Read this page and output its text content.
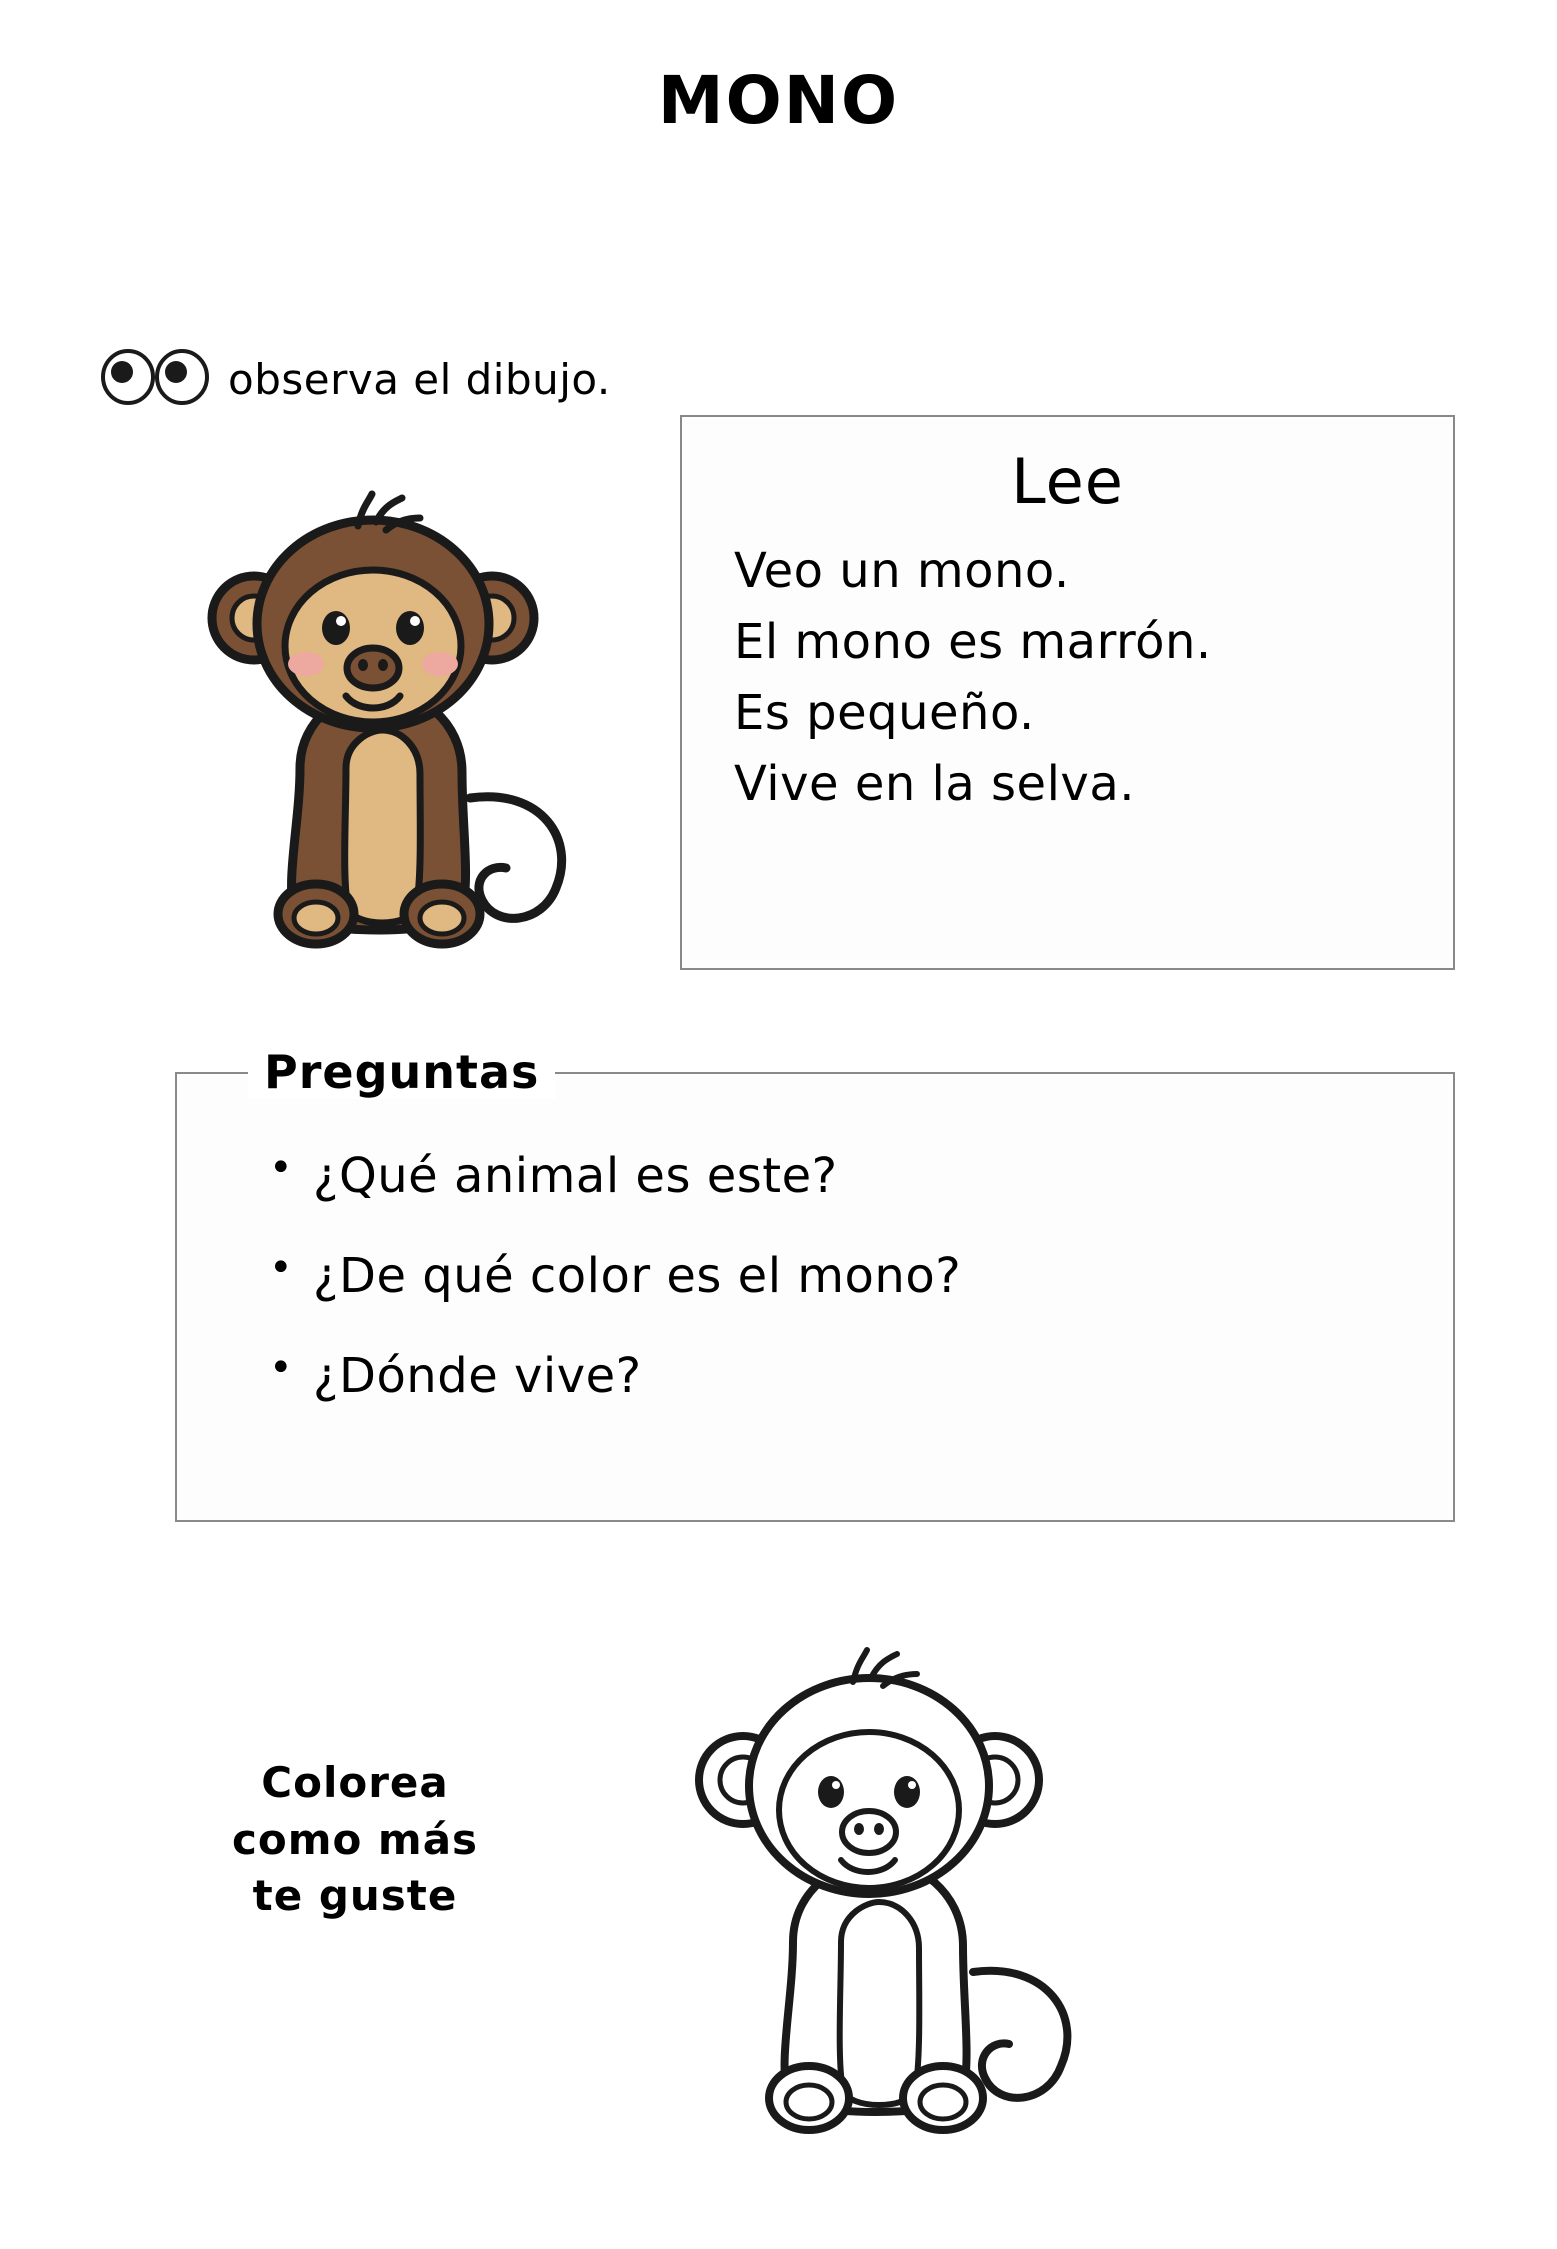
MONO
observa el dibujo.
Lee
Veo un mono.
El mono es marrón.
Es pequeño.
Vive en la selva.
• ¿Qué animal es este?
• ¿De qué color es el mono?
• ¿Dónde vive?
Preguntas
Colorea
como más
te guste
